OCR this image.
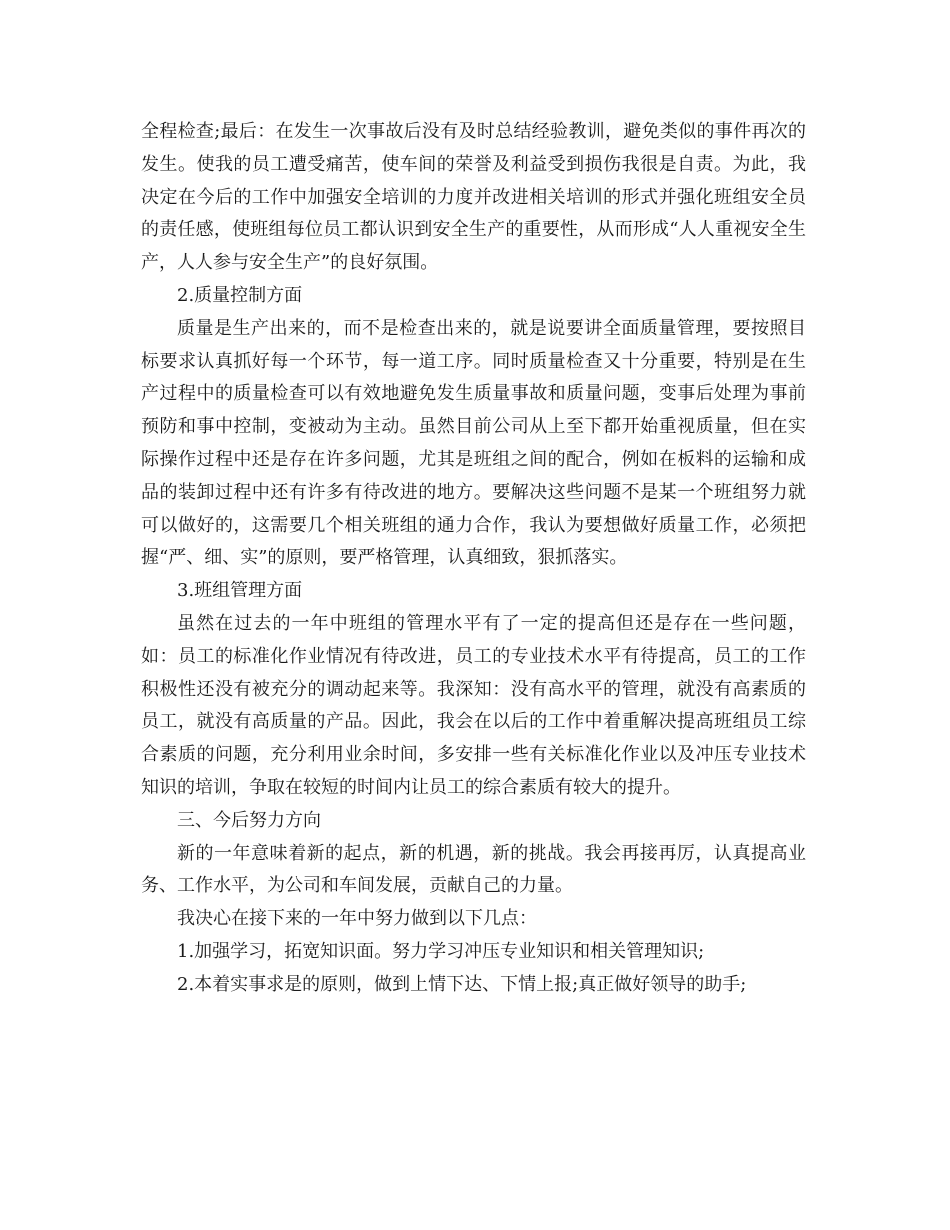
全程检查;最后：在发生一次事故后没有及时总结经验教训，避免类似的事件再次的发生。使我的员工遭受痛苦，使车间的荣誉及利益受到损伤我很是自责。为此，我决定在今后的工作中加强安全培训的力度并改进相关培训的形式并强化班组安全员的责任感，使班组每位员工都认识到安全生产的重要性，从而形成“人人重视安全生产，人人参与安全生产”的良好氛围。

2.质量控制方面

质量是生产出来的，而不是检查出来的，就是说要讲全面质量管理，要按照目标要求认真抓好每一个环节，每一道工序。同时质量检查又十分重要，特别是在生产过程中的质量检查可以有效地避免发生质量事故和质量问题，变事后处理为事前预防和事中控制，变被动为主动。虽然目前公司从上至下都开始重视质量，但在实际操作过程中还是存在许多问题，尤其是班组之间的配合，例如在板料的运输和成品的装卸过程中还有许多有待改进的地方。要解决这些问题不是某一个班组努力就可以做好的，这需要几个相关班组的通力合作，我认为要想做好质量工作，必须把握“严、细、实”的原则，要严格管理，认真细致，狠抓落实。

3.班组管理方面

虽然在过去的一年中班组的管理水平有了一定的提高但还是存在一些问题，如：员工的标准化作业情况有待改进，员工的专业技术水平有待提高，员工的工作积极性还没有被充分的调动起来等。我深知：没有高水平的管理，就没有高素质的员工，就没有高质量的产品。因此，我会在以后的工作中着重解决提高班组员工综合素质的问题，充分利用业余时间，多安排一些有关标准化作业以及冲压专业技术知识的培训，争取在较短的时间内让员工的综合素质有较大的提升。

三、今后努力方向

新的一年意味着新的起点，新的机遇，新的挑战。我会再接再厉，认真提高业务、工作水平，为公司和车间发展，贡献自己的力量。

我决心在接下来的一年中努力做到以下几点：

1.加强学习，拓宽知识面。努力学习冲压专业知识和相关管理知识;

2.本着实事求是的原则，做到上情下达、下情上报;真正做好领导的助手;
